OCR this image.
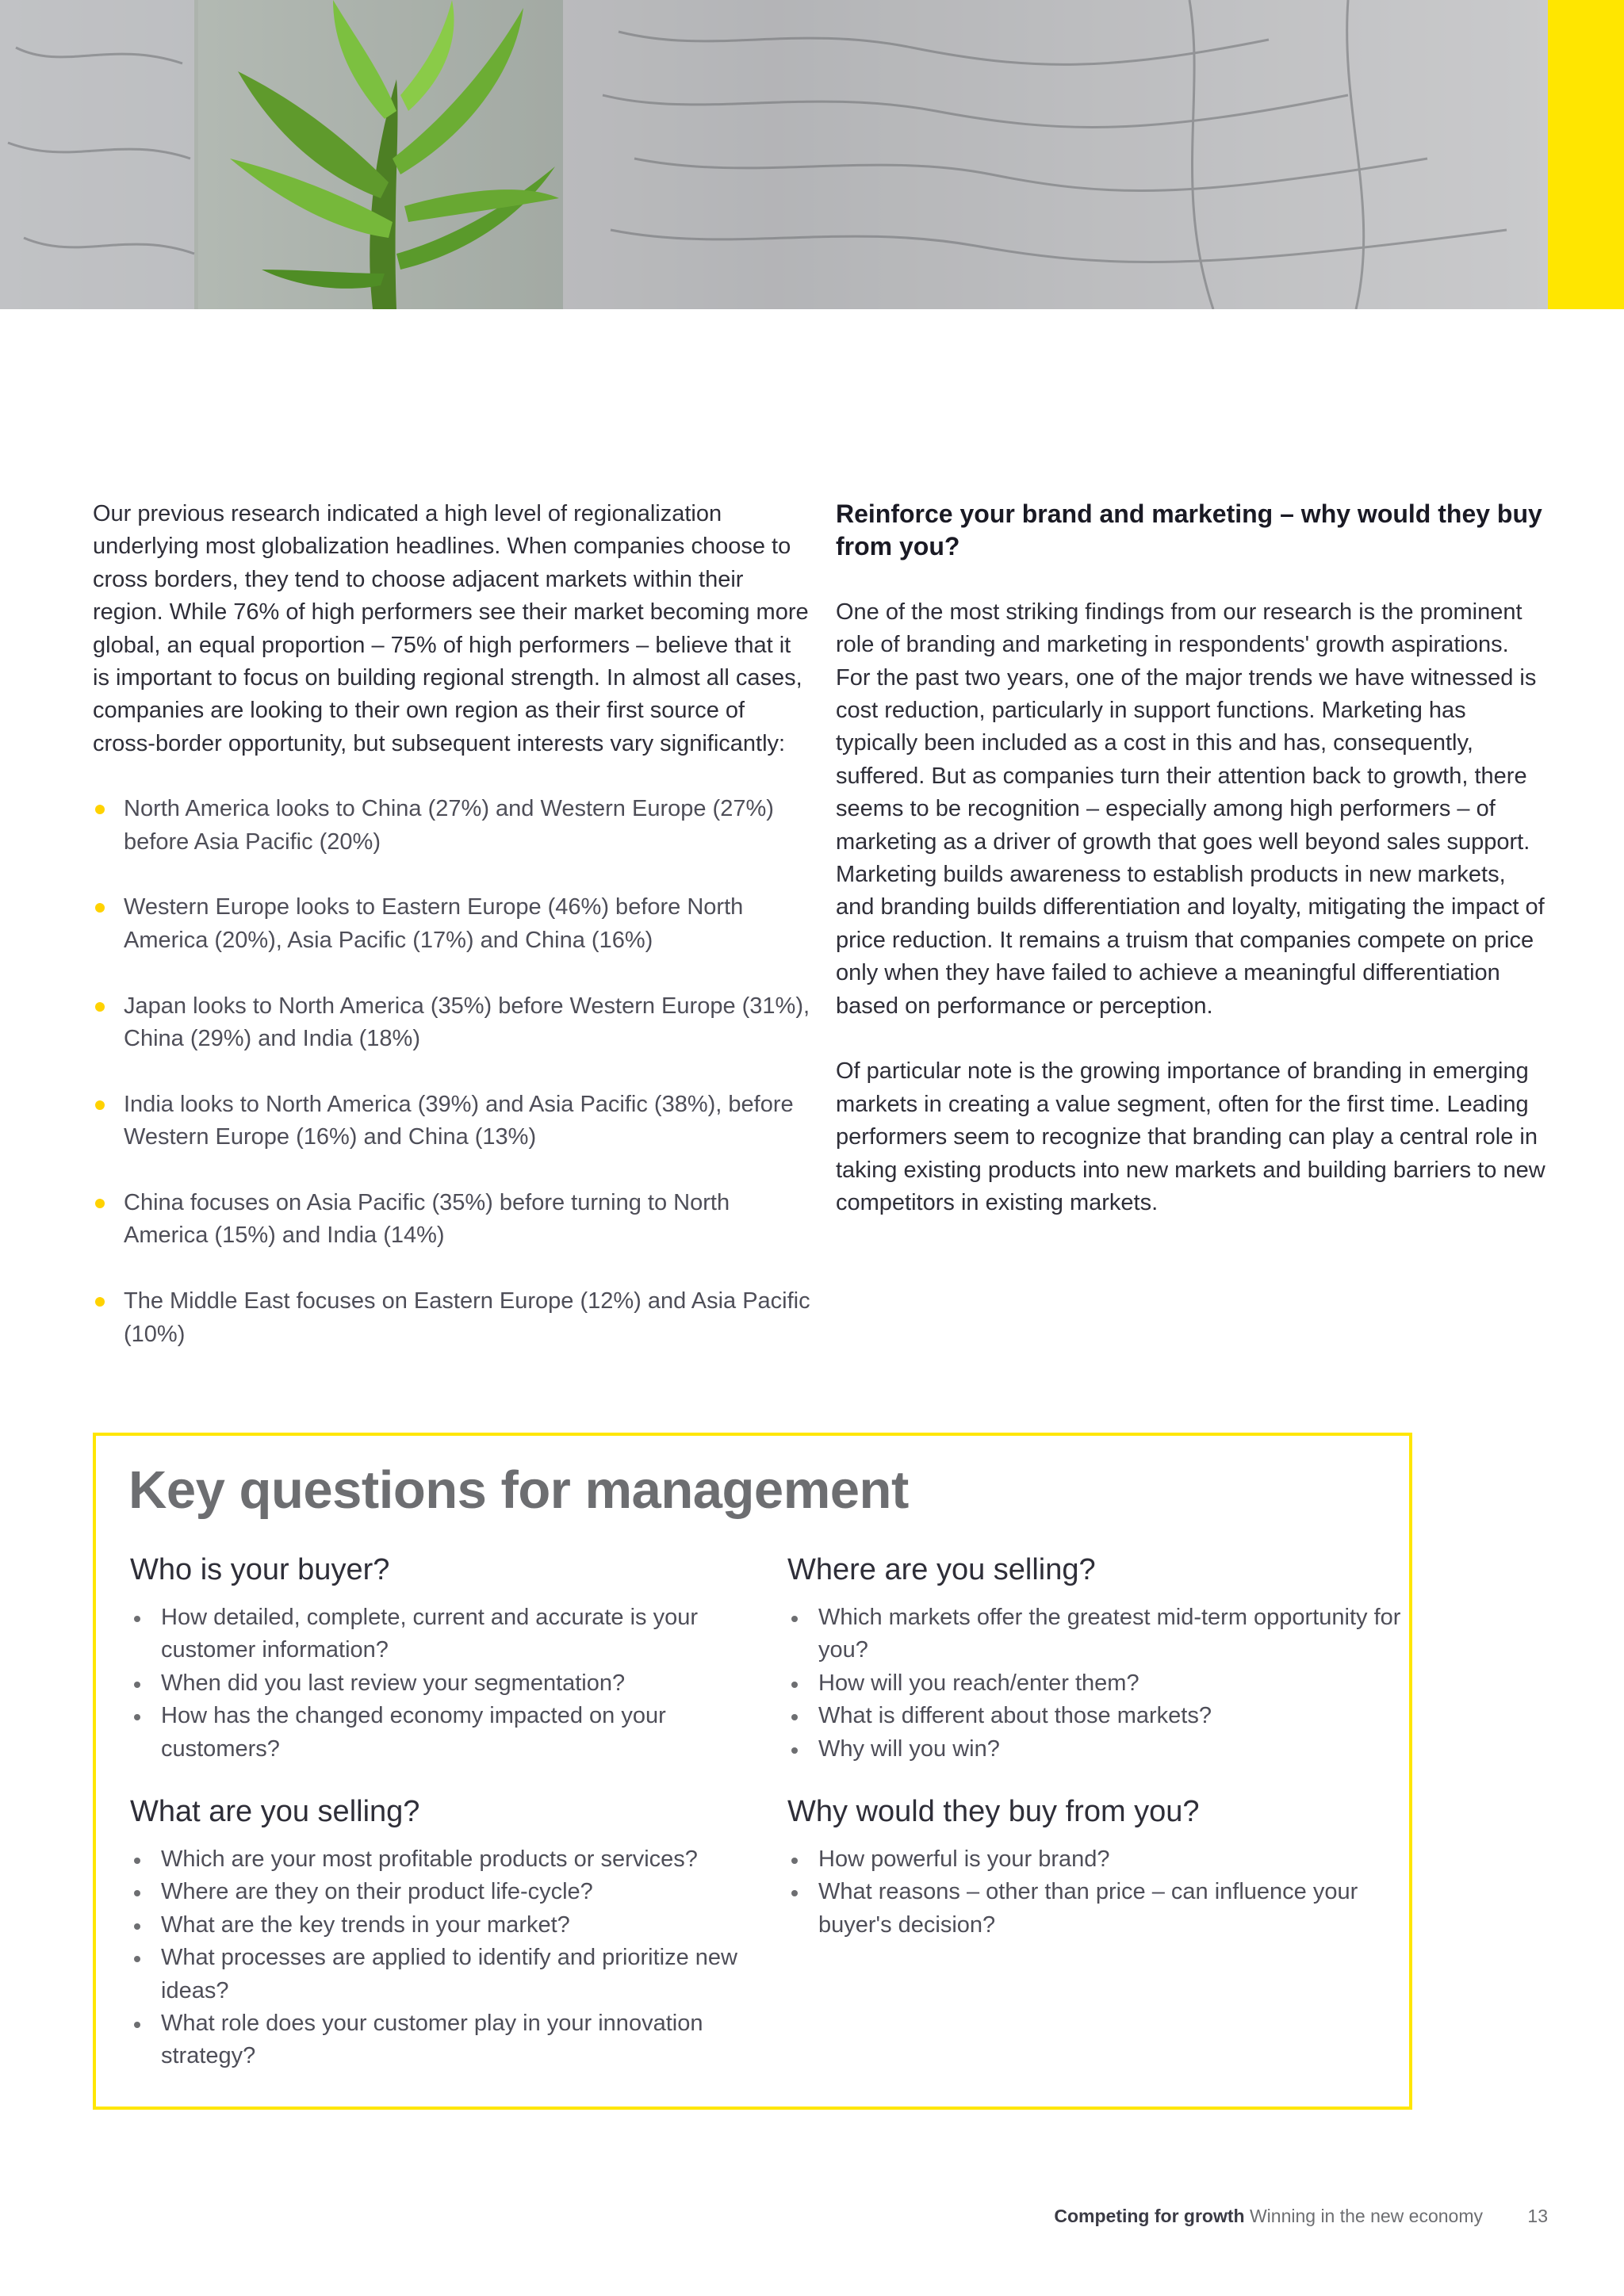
Our previous research indicated a high level of regionalization underlying most globalization headlines. When companies choose to cross borders, they tend to choose adjacent markets within their region. While 76% of high performers see their market becoming more global, an equal proportion – 75% of high performers – believe that it is important to focus on building regional strength. In almost all cases, companies are looking to their own region as their first source of cross-border opportunity, but subsequent interests vary significantly:

North America looks to China (27%) and Western Europe (27%) before Asia Pacific (20%)
Western Europe looks to Eastern Europe (46%) before North America (20%), Asia Pacific (17%) and China (16%)
Japan looks to North America (35%) before Western Europe (31%), China (29%) and India (18%)
India looks to North America (39%) and Asia Pacific (38%), before Western Europe (16%) and China (13%)
China focuses on Asia Pacific (35%) before turning to North America (15%) and India (14%)
The Middle East focuses on Eastern Europe (12%) and Asia Pacific (10%)
Reinforce your brand and marketing – why would they buy from you?

One of the most striking findings from our research is the prominent role of branding and marketing in respondents' growth aspirations. For the past two years, one of the major trends we have witnessed is cost reduction, particularly in support functions. Marketing has typically been included as a cost in this and has, consequently, suffered. But as companies turn their attention back to growth, there seems to be recognition – especially among high performers – of marketing as a driver of growth that goes well beyond sales support. Marketing builds awareness to establish products in new markets, and branding builds differentiation and loyalty, mitigating the impact of price reduction. It remains a truism that companies compete on price only when they have failed to achieve a meaningful differentiation based on performance or perception.

Of particular note is the growing importance of branding in emerging markets in creating a value segment, often for the first time. Leading performers seem to recognize that branding can play a central role in taking existing products into new markets and building barriers to new competitors in existing markets.

Key questions for management
Who is your buyer?
How detailed, complete, current and accurate is your customer information?
When did you last review your segmentation?
How has the changed economy impacted on your customers?
What are you selling?
Which are your most profitable products or services?
Where are they on their product life-cycle?
What are the key trends in your market?
What processes are applied to identify and prioritize new ideas?
What role does your customer play in your innovation strategy?
Where are you selling?
Which markets offer the greatest mid-term opportunity for you?
How will you reach/enter them?
What is different about those markets?
Why will you win?
Why would they buy from you?
How powerful is your brand?
What reasons – other than price – can influence your buyer's decision?
Competing for growth Winning in the new economy 13
